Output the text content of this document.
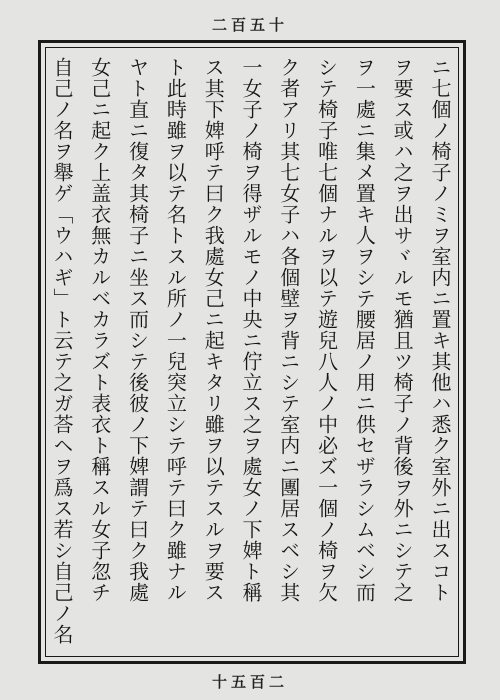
二百五十
ニ七個ノ椅子ノミヲ室内ニ置キ其他ハ悉ク室外ニ出スコト
ヲ要ス或ハ之ヲ出サヾルモ猶且ツ椅子ノ背後ヲ外ニシテ之
ヲ一處ニ集メ置キ人ヲシテ腰居ノ用ニ供セザラシムベシ而
シテ椅子唯七個ナルヲ以テ遊兒八人ノ中必ズ一個ノ椅ヲ欠
ク者アリ其七女子ハ各個壁ヲ背ニシテ室内ニ團居スベシ其
一女子ノ椅ヲ得ザルモノ中央ニ佇立ス之ヲ處女ノ下婢ト稱
ス其下婢呼テ曰ク我處女己ニ起キタリ雖ヲ以テスルヲ要ス
ト此時雖ヲ以テ名トスル所ノ一兒突立シテ呼テ曰ク雖ナル
ヤト直ニ復タ其椅子ニ坐ス而シテ後彼ノ下婢謂テ曰ク我處
女己ニ起ク上盖衣無カルベカラズト表衣ト稱スル女子忽チ
自己ノ名ヲ舉ゲ「ウハギ」ト云テ之ガ荅ヘヲ爲ス若シ自己ノ名
十五百二
